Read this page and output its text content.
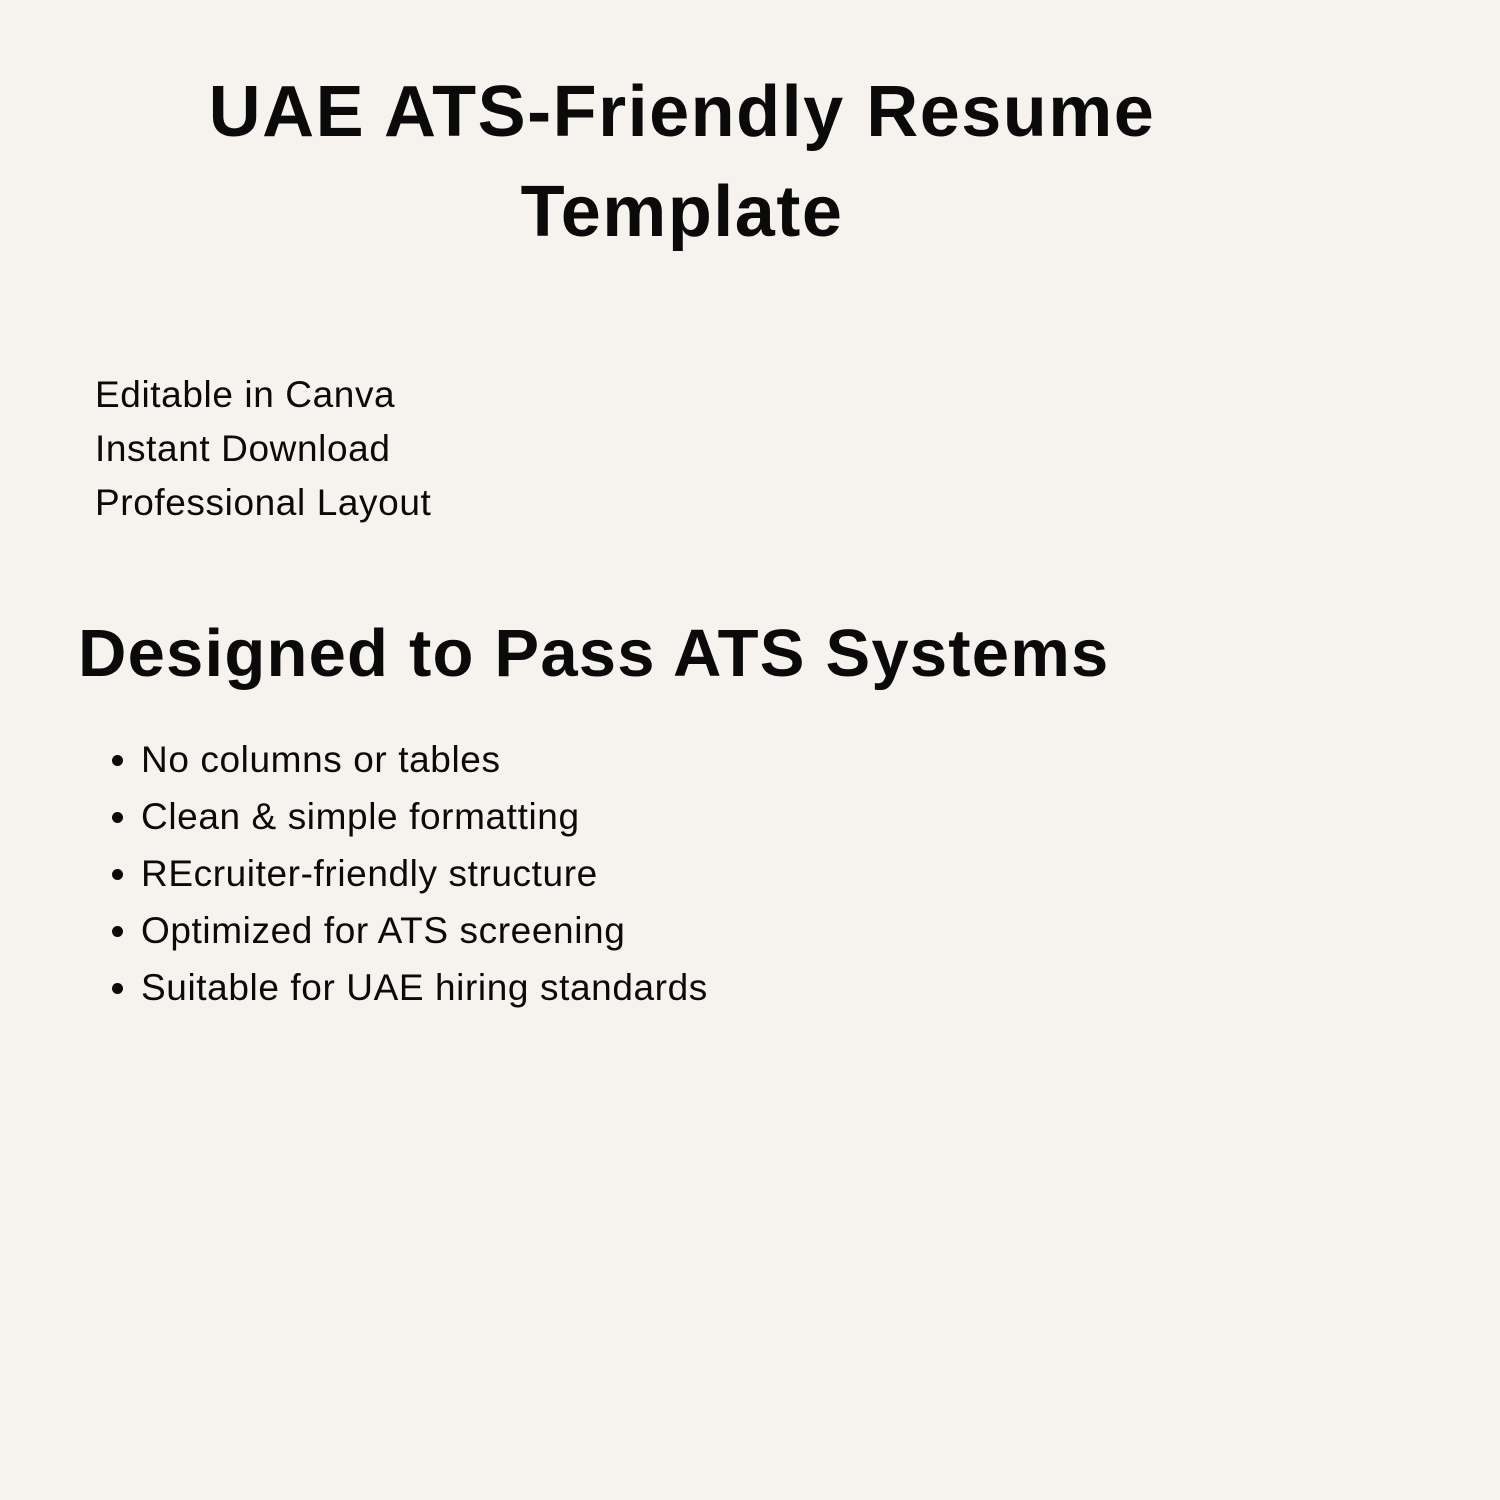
UAE ATS-Friendly Resume
Template
Editable in Canva
Instant Download
Professional Layout
Designed to Pass ATS Systems
No columns or tables
Clean & simple formatting
REcruiter-friendly structure
Optimized for ATS screening
Suitable for UAE hiring standards
